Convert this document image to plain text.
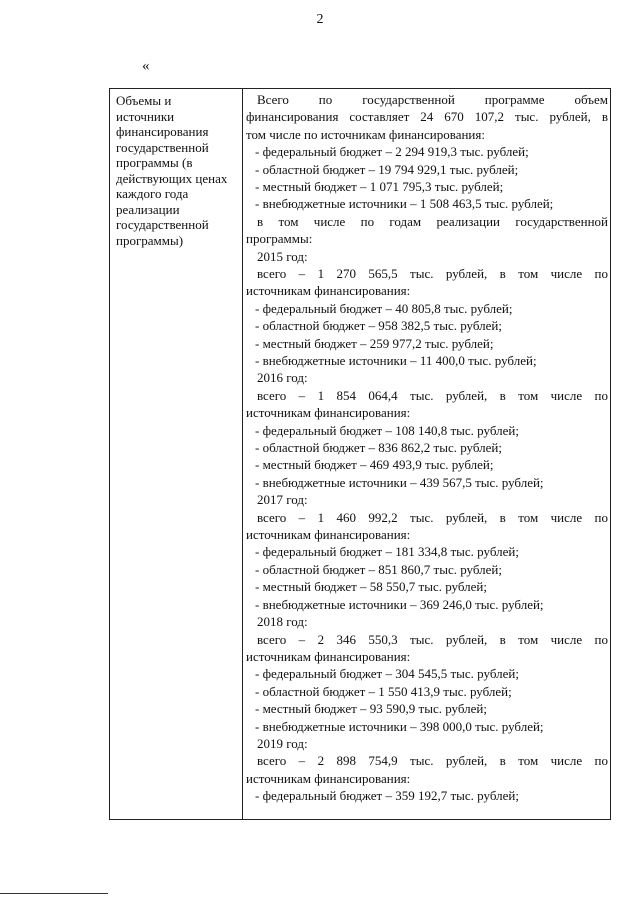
2
«
Объемы и
источники
финансирования
государственной
программы (в
действующих ценах
каждого года
реализации
государственной
программы)
Всего по государственной программе объем
финансирования составляет 24 670 107,2 тыс. рублей, в
том числе по источникам финансирования:
- федеральный бюджет – 2 294 919,3 тыс. рублей;
- областной бюджет – 19 794 929,1 тыс. рублей;
- местный бюджет – 1 071 795,3 тыс. рублей;
- внебюджетные источники – 1 508 463,5 тыс. рублей;
в том числе по годам реализации государственной
программы:
2015 год:
всего – 1 270 565,5 тыс. рублей, в том числе по
источникам финансирования:
- федеральный бюджет – 40 805,8 тыс. рублей;
- областной бюджет – 958 382,5 тыс. рублей;
- местный бюджет – 259 977,2 тыс. рублей;
- внебюджетные источники – 11 400,0 тыс. рублей;
2016 год:
всего – 1 854 064,4 тыс. рублей, в том числе по
источникам финансирования:
- федеральный бюджет – 108 140,8 тыс. рублей;
- областной бюджет – 836 862,2 тыс. рублей;
- местный бюджет – 469 493,9 тыс. рублей;
- внебюджетные источники – 439 567,5 тыс. рублей;
2017 год:
всего – 1 460 992,2 тыс. рублей, в том числе по
источникам финансирования:
- федеральный бюджет – 181 334,8 тыс. рублей;
- областной бюджет – 851 860,7 тыс. рублей;
- местный бюджет – 58 550,7 тыс. рублей;
- внебюджетные источники – 369 246,0 тыс. рублей;
2018 год:
всего – 2 346 550,3 тыс. рублей, в том числе по
источникам финансирования:
- федеральный бюджет – 304 545,5 тыс. рублей;
- областной бюджет – 1 550 413,9 тыс. рублей;
- местный бюджет – 93 590,9 тыс. рублей;
- внебюджетные источники – 398 000,0 тыс. рублей;
2019 год:
всего – 2 898 754,9 тыс. рублей, в том числе по
источникам финансирования:
- федеральный бюджет – 359 192,7 тыс. рублей;
